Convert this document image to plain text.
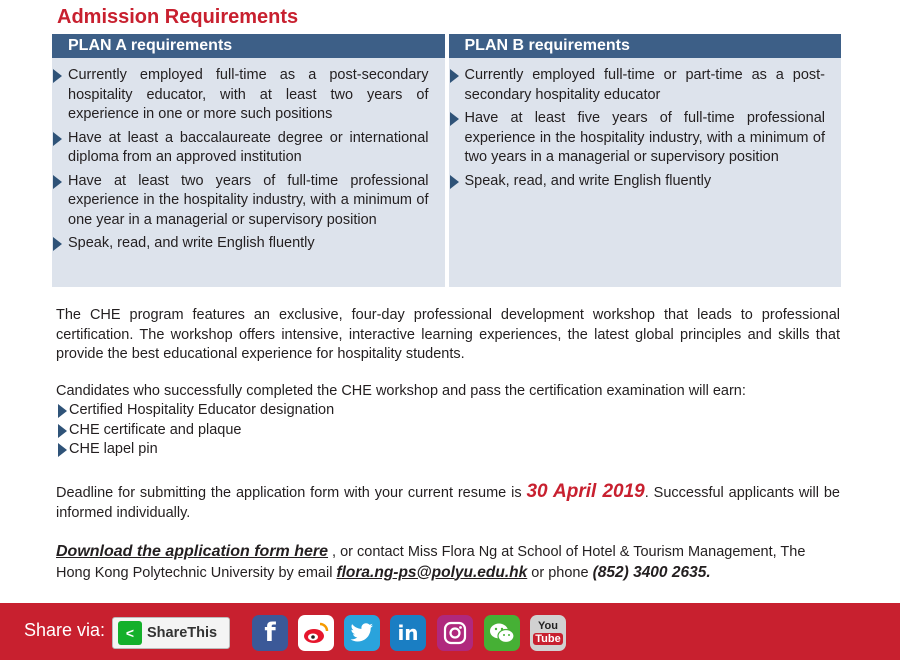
Admission Requirements
PLAN A requirements
Currently employed full-time as a post-secondary hospitality educator, with at least two years of experience in one or more such positions
Have at least a baccalaureate degree or international diploma from an approved institution
Have at least two years of full-time professional experience in the hospitality industry, with a minimum of one year in a managerial or supervisory position
Speak, read, and write English fluently
PLAN B requirements
Currently employed full-time or part-time as a post-secondary hospitality educator
Have at least five years of full-time professional experience in the hospitality industry, with a minimum of two years in a managerial or supervisory position
Speak, read, and write English fluently

The CHE program features an exclusive, four-day professional development workshop that leads to professional certification. The workshop offers intensive, interactive learning experiences, the latest global principles and skills that provide the best educational experience for hospitality students.

Candidates who successfully completed the CHE workshop and pass the certification examination will earn:

Certified Hospitality Educator designation
CHE certificate and plaque
CHE lapel pin

Deadline for submitting the application form with your current resume is 30 April 2019. Successful applicants will be informed individually.

Download the application form here , or contact Miss Flora Ng at School of Hotel & Tourism Management, The Hong Kong Polytechnic University by email flora.ng-ps@polyu.edu.hk or phone (852) 3400 2635.

Share via:	< ShareThis f	in	You
Tube
